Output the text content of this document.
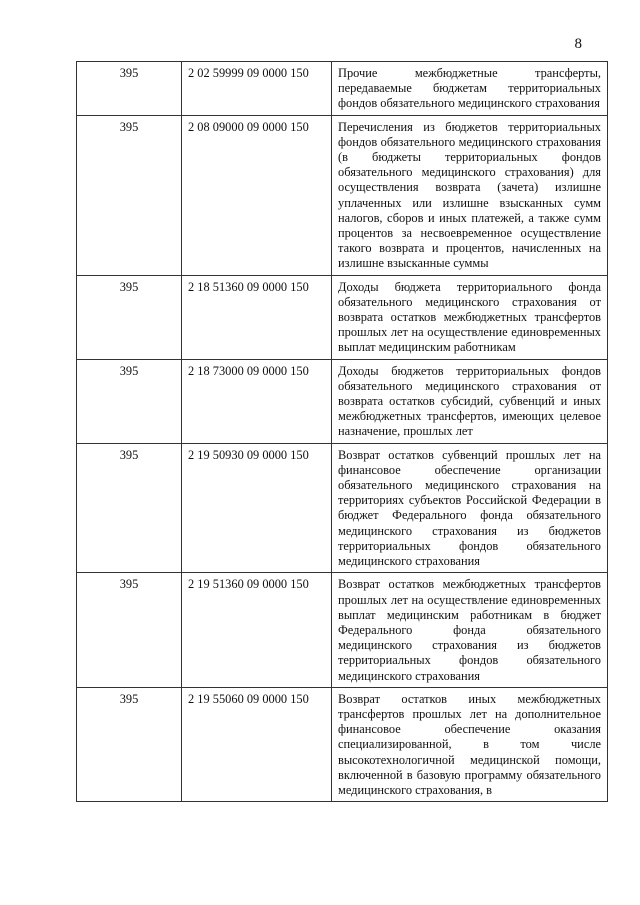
8
395	2 02 59999 09 0000 150	Прочие межбюджетные трансферты, передаваемые бюджетам территориальных фондов обязательного медицинского страхования
395	2 08 09000 09 0000 150	Перечисления из бюджетов территориальных фондов обязательного медицинского страхования (в бюджеты территориальных фондов обязательного медицинского страхования) для осуществления возврата (зачета) излишне уплаченных или излишне взысканных сумм налогов, сборов и иных платежей, а также сумм процентов за несвоевременное осуществление такого возврата и процентов, начисленных на излишне взысканные суммы
395	2 18 51360 09 0000 150	Доходы бюджета территориального фонда обязательного медицинского страхования от возврата остатков межбюджетных трансфертов прошлых лет на осуществление единовременных выплат медицинским работникам
395	2 18 73000 09 0000 150	Доходы бюджетов территориальных фондов обязательного медицинского страхования от возврата остатков субсидий, субвенций и иных межбюджетных трансфертов, имеющих целевое назначение, прошлых лет
395	2 19 50930 09 0000 150	Возврат остатков субвенций прошлых лет на финансовое обеспечение организации обязательного медицинского страхования на территориях субъектов Российской Федерации в бюджет Федерального фонда обязательного медицинского страхования из бюджетов территориальных фондов обязательного медицинского страхования
395	2 19 51360 09 0000 150	Возврат остатков межбюджетных трансфертов прошлых лет на осуществление единовременных выплат медицинским работникам в бюджет Федерального фонда обязательного медицинского страхования из бюджетов территориальных фондов обязательного медицинского страхования
395	2 19 55060 09 0000 150	Возврат остатков иных межбюджетных трансфертов прошлых лет на дополнительное финансовое обеспечение оказания специализированной, в том числе высокотехнологичной медицинской помощи, включенной в базовую программу обязательного медицинского страхования, в
